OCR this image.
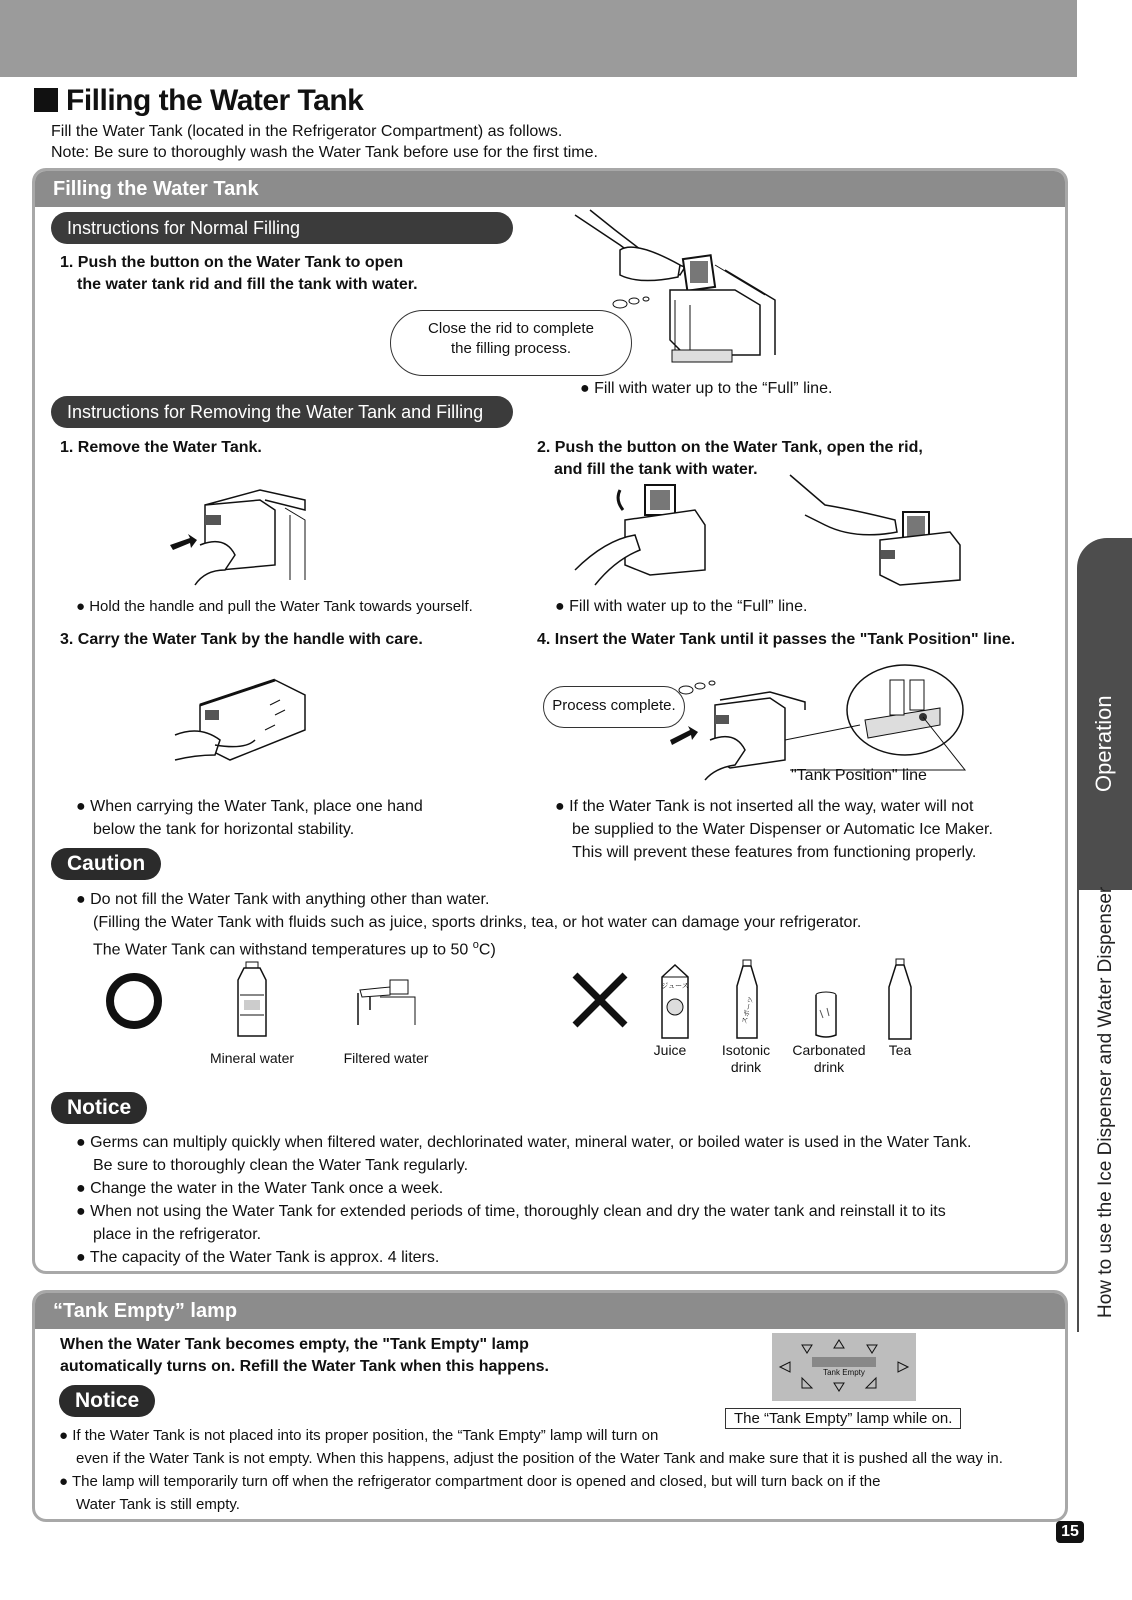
Filling the Water Tank
Fill the Water Tank (located in the Refrigerator Compartment) as follows.
Note: Be sure to thoroughly wash the Water Tank before use for the first time.
Filling the Water Tank
Instructions for Normal Filling
1. Push the button on the Water Tank to open
the water tank rid and fill the tank with water.
Close the rid to complete
the filling process.
● Fill with water up to the “Full” line.
Instructions for Removing the Water Tank and Filling
1. Remove the Water Tank.
● Hold the handle and pull the Water Tank towards yourself.
2. Push the button on the Water Tank, open the rid,
and fill the tank with water.
● Fill with water up to the “Full” line.
3. Carry the Water Tank by the handle with care.
● When carrying the Water Tank, place one hand
below the tank for horizontal stability.
4. Insert the Water Tank until it passes the "Tank Position" line.
Process complete.
"Tank Position" line
● If the Water Tank is not inserted all the way, water will not
be supplied to the Water Dispenser or Automatic Ice Maker.
This will prevent these features from functioning properly.
Caution
● Do not fill the Water Tank with anything other than water.
(Filling the Water Tank with fluids such as juice, sports drinks, tea, or hot water can damage your refrigerator.
The Water Tank can withstand temperatures up to 50 $^o$C)
Mineral water	Filtered water
ジュース
スポーツ
Juice	Isotonic
drink
Carbonated
drink
Tea
Notice
● Germs can multiply quickly when filtered water, dechlorinated water, mineral water, or boiled water is used in the Water Tank.
Be sure to thoroughly clean the Water Tank regularly.
● Change the water in the Water Tank once a week.
● When not using the Water Tank for extended periods of time, thoroughly clean and dry the water tank and reinstall it to its
place in the refrigerator.
● The capacity of the Water Tank is approx. 4 liters.
“Tank Empty” lamp
When the Water Tank becomes empty, the "Tank Empty" lamp
automatically turns on. Refill the Water Tank when this happens.	Tank Empty
The “Tank Empty” lamp while on.
Notice
● If the Water Tank is not placed into its proper position, the “Tank Empty” lamp will turn on
even if the Water Tank is not empty. When this happens, adjust the position of the Water Tank and make sure that it is pushed all the way in.
● The lamp will temporarily turn off when the refrigerator compartment door is opened and closed, but will turn back on if the
Water Tank is still empty.
Operation
How to use the Ice Dispenser and Water Dispenser
15
